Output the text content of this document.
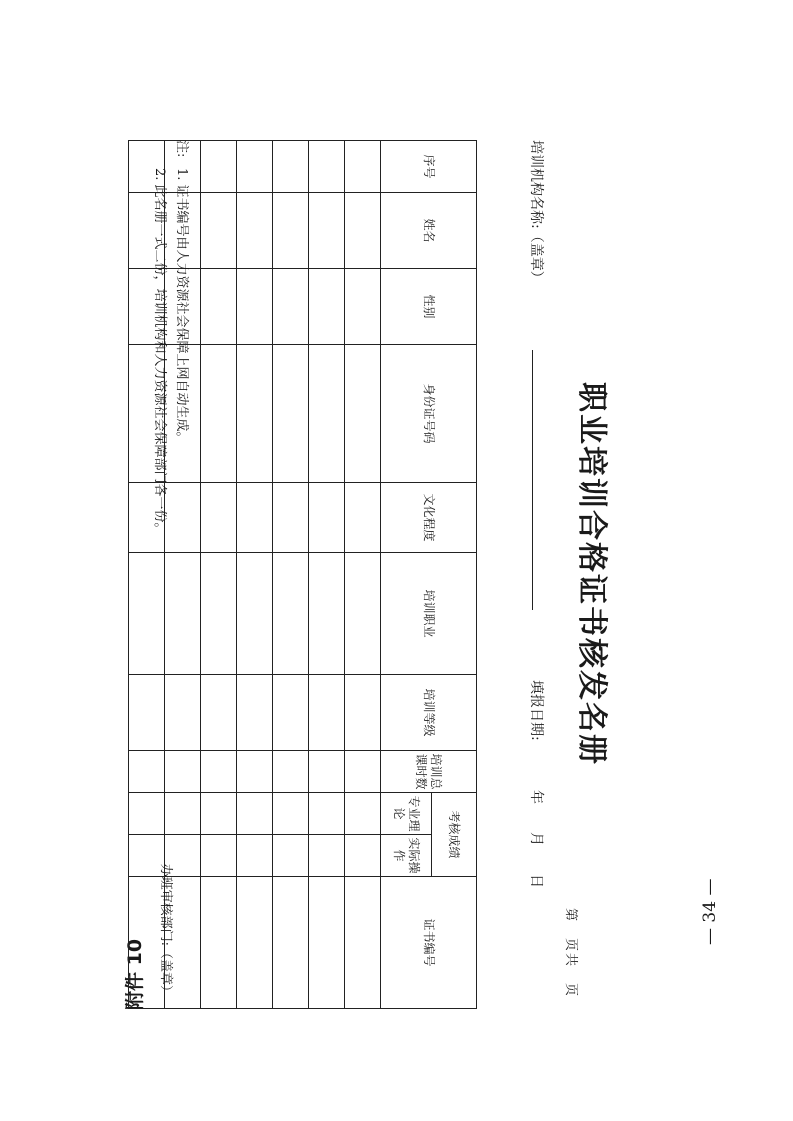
附件 10
— 34 —
职业培训合格证书核发名册
第　页共　页
培训机构名称:（盖章）
填报日期:
年　　月　　日
序号	姓名	性别	身份证号码	文化程度	培训职业	培训等级	培训总课时数	考核成绩		证书编号
								专业理论	实际操作	

注:1. 证书编号由人力资源社会保障上网自动生成。
2. 此名册一式二份，培训机构和人力资源社会保障部门各一份。
办班审核部门:（盖章）
